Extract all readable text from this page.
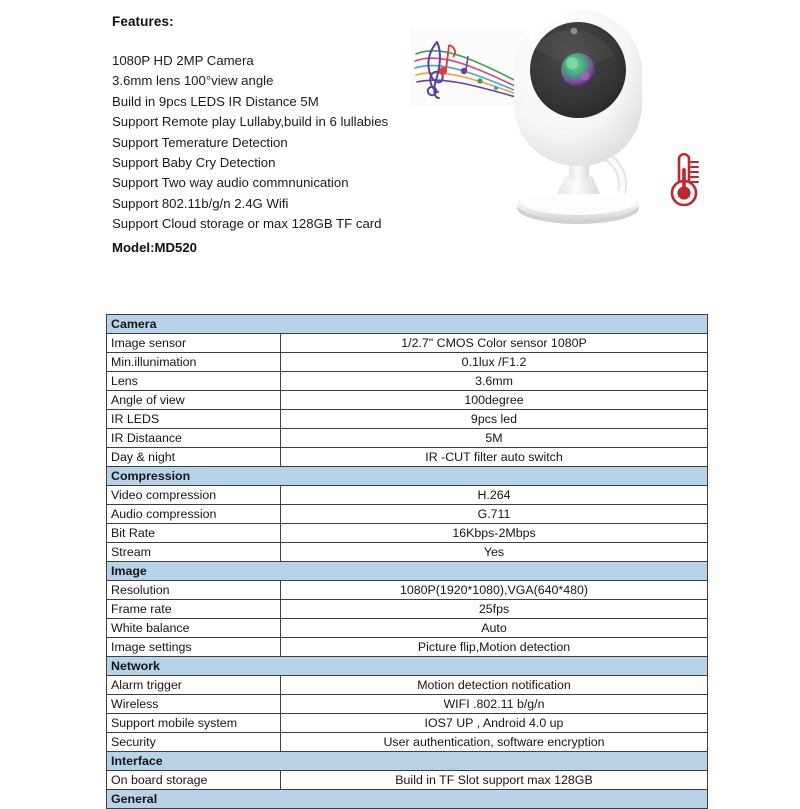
Features:
1080P HD 2MP Camera
3.6mm lens 100°view angle
Build in 9pcs LEDS IR Distance 5M
Support Remote play Lullaby,build in 6 lullabies
Support Temerature Detection
Support Baby Cry Detection
Support Two way audio commnunication
Support 802.11b/g/n 2.4G Wifi
Support Cloud storage or max 128GB TF card
Model:MD520
Camera	
Image sensor	1/2.7" CMOS Color sensor 1080P
Min.illunimation	0.1lux /F1.2
Lens	3.6mm
Angle of view	100degree
IR LEDS	9pcs led
IR Distaance	5M
Day & night	IR -CUT filter auto switch
Compression	
Video compression	H.264
Audio compression	G.711
Bit Rate	16Kbps-2Mbps
Stream	Yes
Image	
Resolution	1080P(1920*1080),VGA(640*480)
Frame rate	25fps
White balance	Auto
Image settings	Picture flip,Motion detection
Network	
Alarm trigger	Motion detection notification
Wireless	WIFI .802.11 b/g/n
Support mobile system	IOS7 UP , Android 4.0 up
Security	User authentication, software encryption
Interface	
On board storage	Build in TF Slot support max 128GB
General	
